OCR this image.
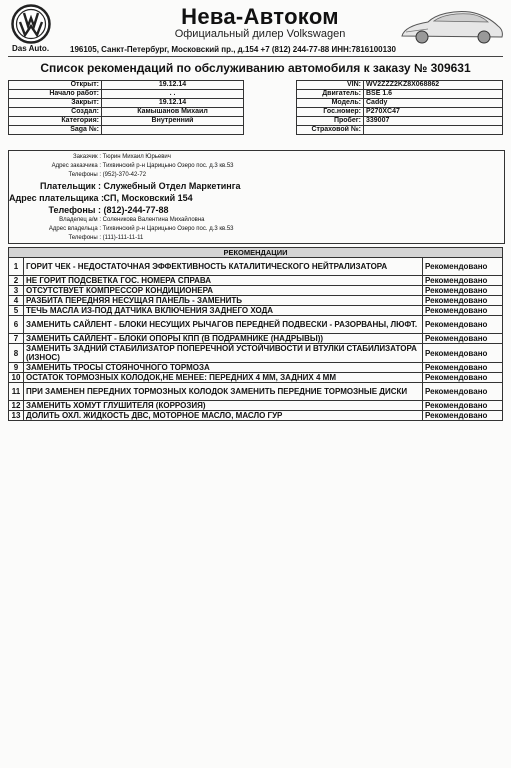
Das Auto.
Нева-Автоком
Официальный дилер Volkswagen
196105, Санкт-Петербург, Московский пр., д.154 +7 (812) 244-77-88 ИНН:7816100130
Список рекомендаций по обслуживанию автомобиля к заказу № 309631
Открыт:	19.12.14
Начало работ:	. .
Закрыт:	19.12.14
Создал:	Камышанов Михаил
Категория:	Внутренний
Saga №:	
VIN:	WV2ZZZ2KZ8X068862
Двигатель:	BSE 1.6
Модель:	Caddy
Гос.номер:	P270XC47
Пробег:	339007
Страховой №:	
Заказчик : Тюрин Михаил Юрьевич
Адрес заказчика : Тихвинский р-н Царицыно Озеро пос. д.3 кв.53
Телефоны : (952)-370-42-72
Плательщик : Служебный Отдел Маркетинга
Адрес плательщика : СП, Московский 154
Телефоны : (812)-244-77-88
Владелец а/м : Соленикова Валентина Михайловна
Адрес владельца : Тихвинский р-н Царицыно Озеро пос. д.3 кв.53
Телефоны : (111)-111-11-11
РЕКОМЕНДАЦИИ		
1	ГОРИТ ЧЕК - НЕДОСТАТОЧНАЯ ЭФФЕКТИВНОСТЬ КАТАЛИТИЧЕСКОГО НЕЙТРАЛИЗАТОРА	Рекомендовано
2	НЕ ГОРИТ ПОДСВЕТКА ГОС. НОМЕРА СПРАВА	Рекомендовано
3	ОТСУТСТВУЕТ КОМПРЕССОР КОНДИЦИОНЕРА	Рекомендовано
4	РАЗБИТА ПЕРЕДНЯЯ НЕСУЩАЯ ПАНЕЛЬ - ЗАМЕНИТЬ	Рекомендовано
5	ТЕЧЬ МАСЛА ИЗ-ПОД ДАТЧИКА ВКЛЮЧЕНИЯ ЗАДНЕГО ХОДА	Рекомендовано
6	ЗАМЕНИТЬ САЙЛЕНТ - БЛОКИ НЕСУЩИХ РЫЧАГОВ ПЕРЕДНЕЙ ПОДВЕСКИ - РАЗОРВАНЫ, ЛЮФТ.	Рекомендовано
7	ЗАМЕНИТЬ САЙЛЕНТ - БЛОКИ ОПОРЫ КПП (В ПОДРАМНИКЕ (НАДРЫВЫ))	Рекомендовано
8	ЗАМЕНИТЬ ЗАДНИЙ СТАБИЛИЗАТОР ПОПЕРЕЧНОЙ УСТОЙЧИВОСТИ И ВТУЛКИ СТАБИЛИЗАТОРА (ИЗНОС)	Рекомендовано
9	ЗАМЕНИТЬ ТРОСЫ СТОЯНОЧНОГО ТОРМОЗА	Рекомендовано
10	ОСТАТОК ТОРМОЗНЫХ КОЛОДОК,НЕ МЕНЕЕ: ПЕРЕДНИХ 4 ММ, ЗАДНИХ 4 ММ	Рекомендовано
11	ПРИ ЗАМЕНЕН ПЕРЕДНИХ ТОРМОЗНЫХ КОЛОДОК ЗАМЕНИТЬ ПЕРЕДНИЕ ТОРМОЗНЫЕ ДИСКИ	Рекомендовано
12	ЗАМЕНИТЬ ХОМУТ ГЛУШИТЕЛЯ (КОРРОЗИЯ)	Рекомендовано
13	ДОЛИТЬ ОХЛ. ЖИДКОСТЬ ДВС, МОТОРНОЕ МАСЛО, МАСЛО ГУР	Рекомендовано
